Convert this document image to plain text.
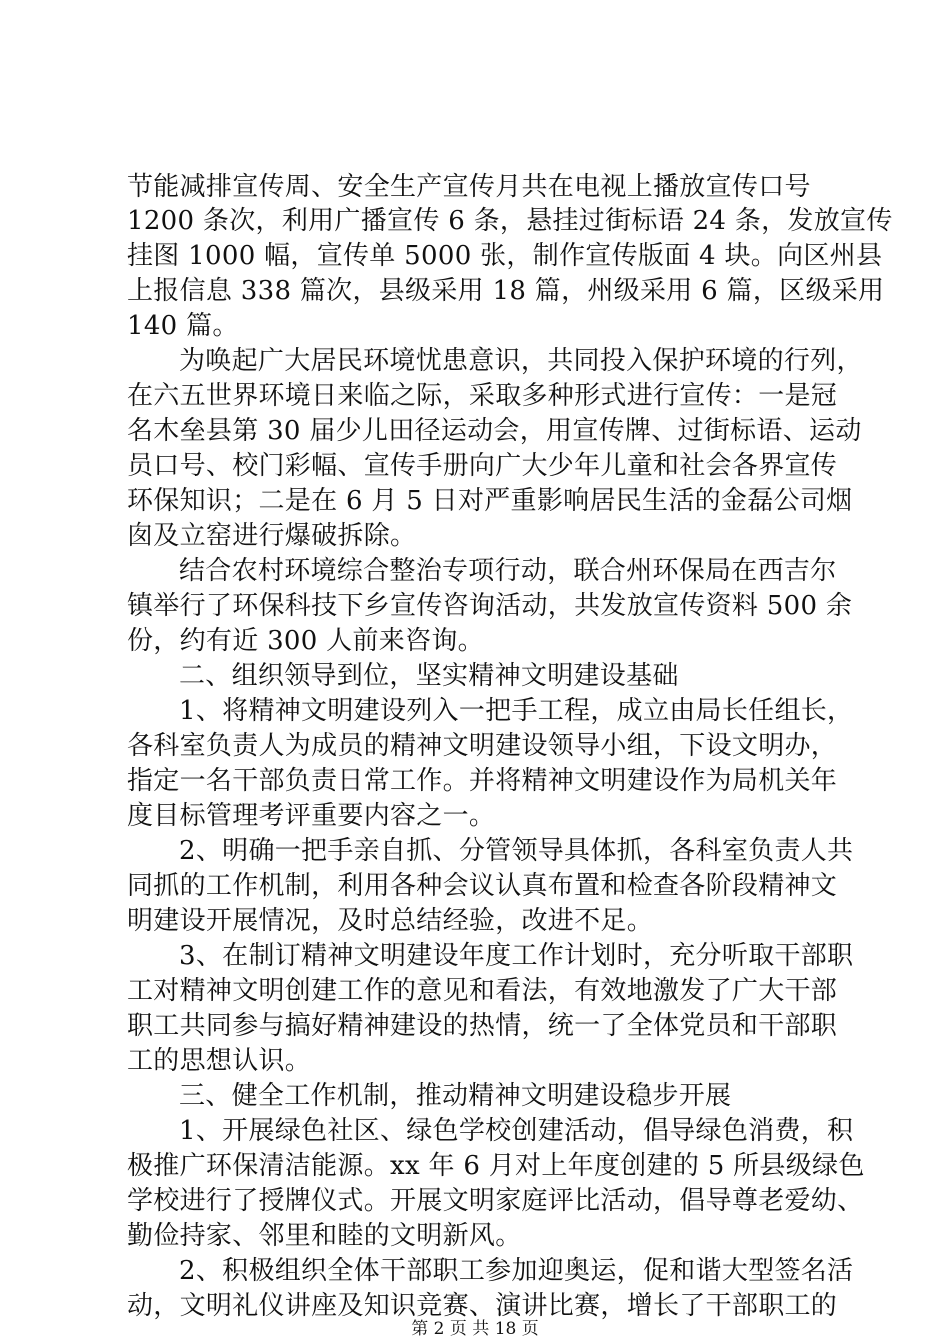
节能减排宣传周、安全生产宣传月共在电视上播放宣传口号
1200 条次，利用广播宣传 6 条，悬挂过街标语 24 条，发放宣传
挂图 1000 幅，宣传单 5000 张，制作宣传版面 4 块。向区州县
上报信息 338 篇次，县级采用 18 篇，州级采用 6 篇，区级采用
140 篇。
为唤起广大居民环境忧患意识，共同投入保护环境的行列，
在六五世界环境日来临之际，采取多种形式进行宣传：一是冠
名木垒县第 30 届少儿田径运动会，用宣传牌、过街标语、运动
员口号、校门彩幅、宣传手册向广大少年儿童和社会各界宣传
环保知识；二是在 6 月 5 日对严重影响居民生活的金磊公司烟
囱及立窑进行爆破拆除。
结合农村环境综合整治专项行动，联合州环保局在西吉尔
镇举行了环保科技下乡宣传咨询活动，共发放宣传资料 500 余
份，约有近 300 人前来咨询。
二、组织领导到位，坚实精神文明建设基础
1、将精神文明建设列入一把手工程，成立由局长任组长，
各科室负责人为成员的精神文明建设领导小组，下设文明办，
指定一名干部负责日常工作。并将精神文明建设作为局机关年
度目标管理考评重要内容之一。
2、明确一把手亲自抓、分管领导具体抓，各科室负责人共
同抓的工作机制，利用各种会议认真布置和检查各阶段精神文
明建设开展情况，及时总结经验，改进不足。
3、在制订精神文明建设年度工作计划时，充分听取干部职
工对精神文明创建工作的意见和看法，有效地激发了广大干部
职工共同参与搞好精神建设的热情，统一了全体党员和干部职
工的思想认识。
三、健全工作机制，推动精神文明建设稳步开展
1、开展绿色社区、绿色学校创建活动，倡导绿色消费，积
极推广环保清洁能源。xx 年 6 月对上年度创建的 5 所县级绿色
学校进行了授牌仪式。开展文明家庭评比活动，倡导尊老爱幼、
勤俭持家、邻里和睦的文明新风。
2、积极组织全体干部职工参加迎奥运，促和谐大型签名活
动，文明礼仪讲座及知识竞赛、演讲比赛，增长了干部职工的
第 2 页 共 18 页
